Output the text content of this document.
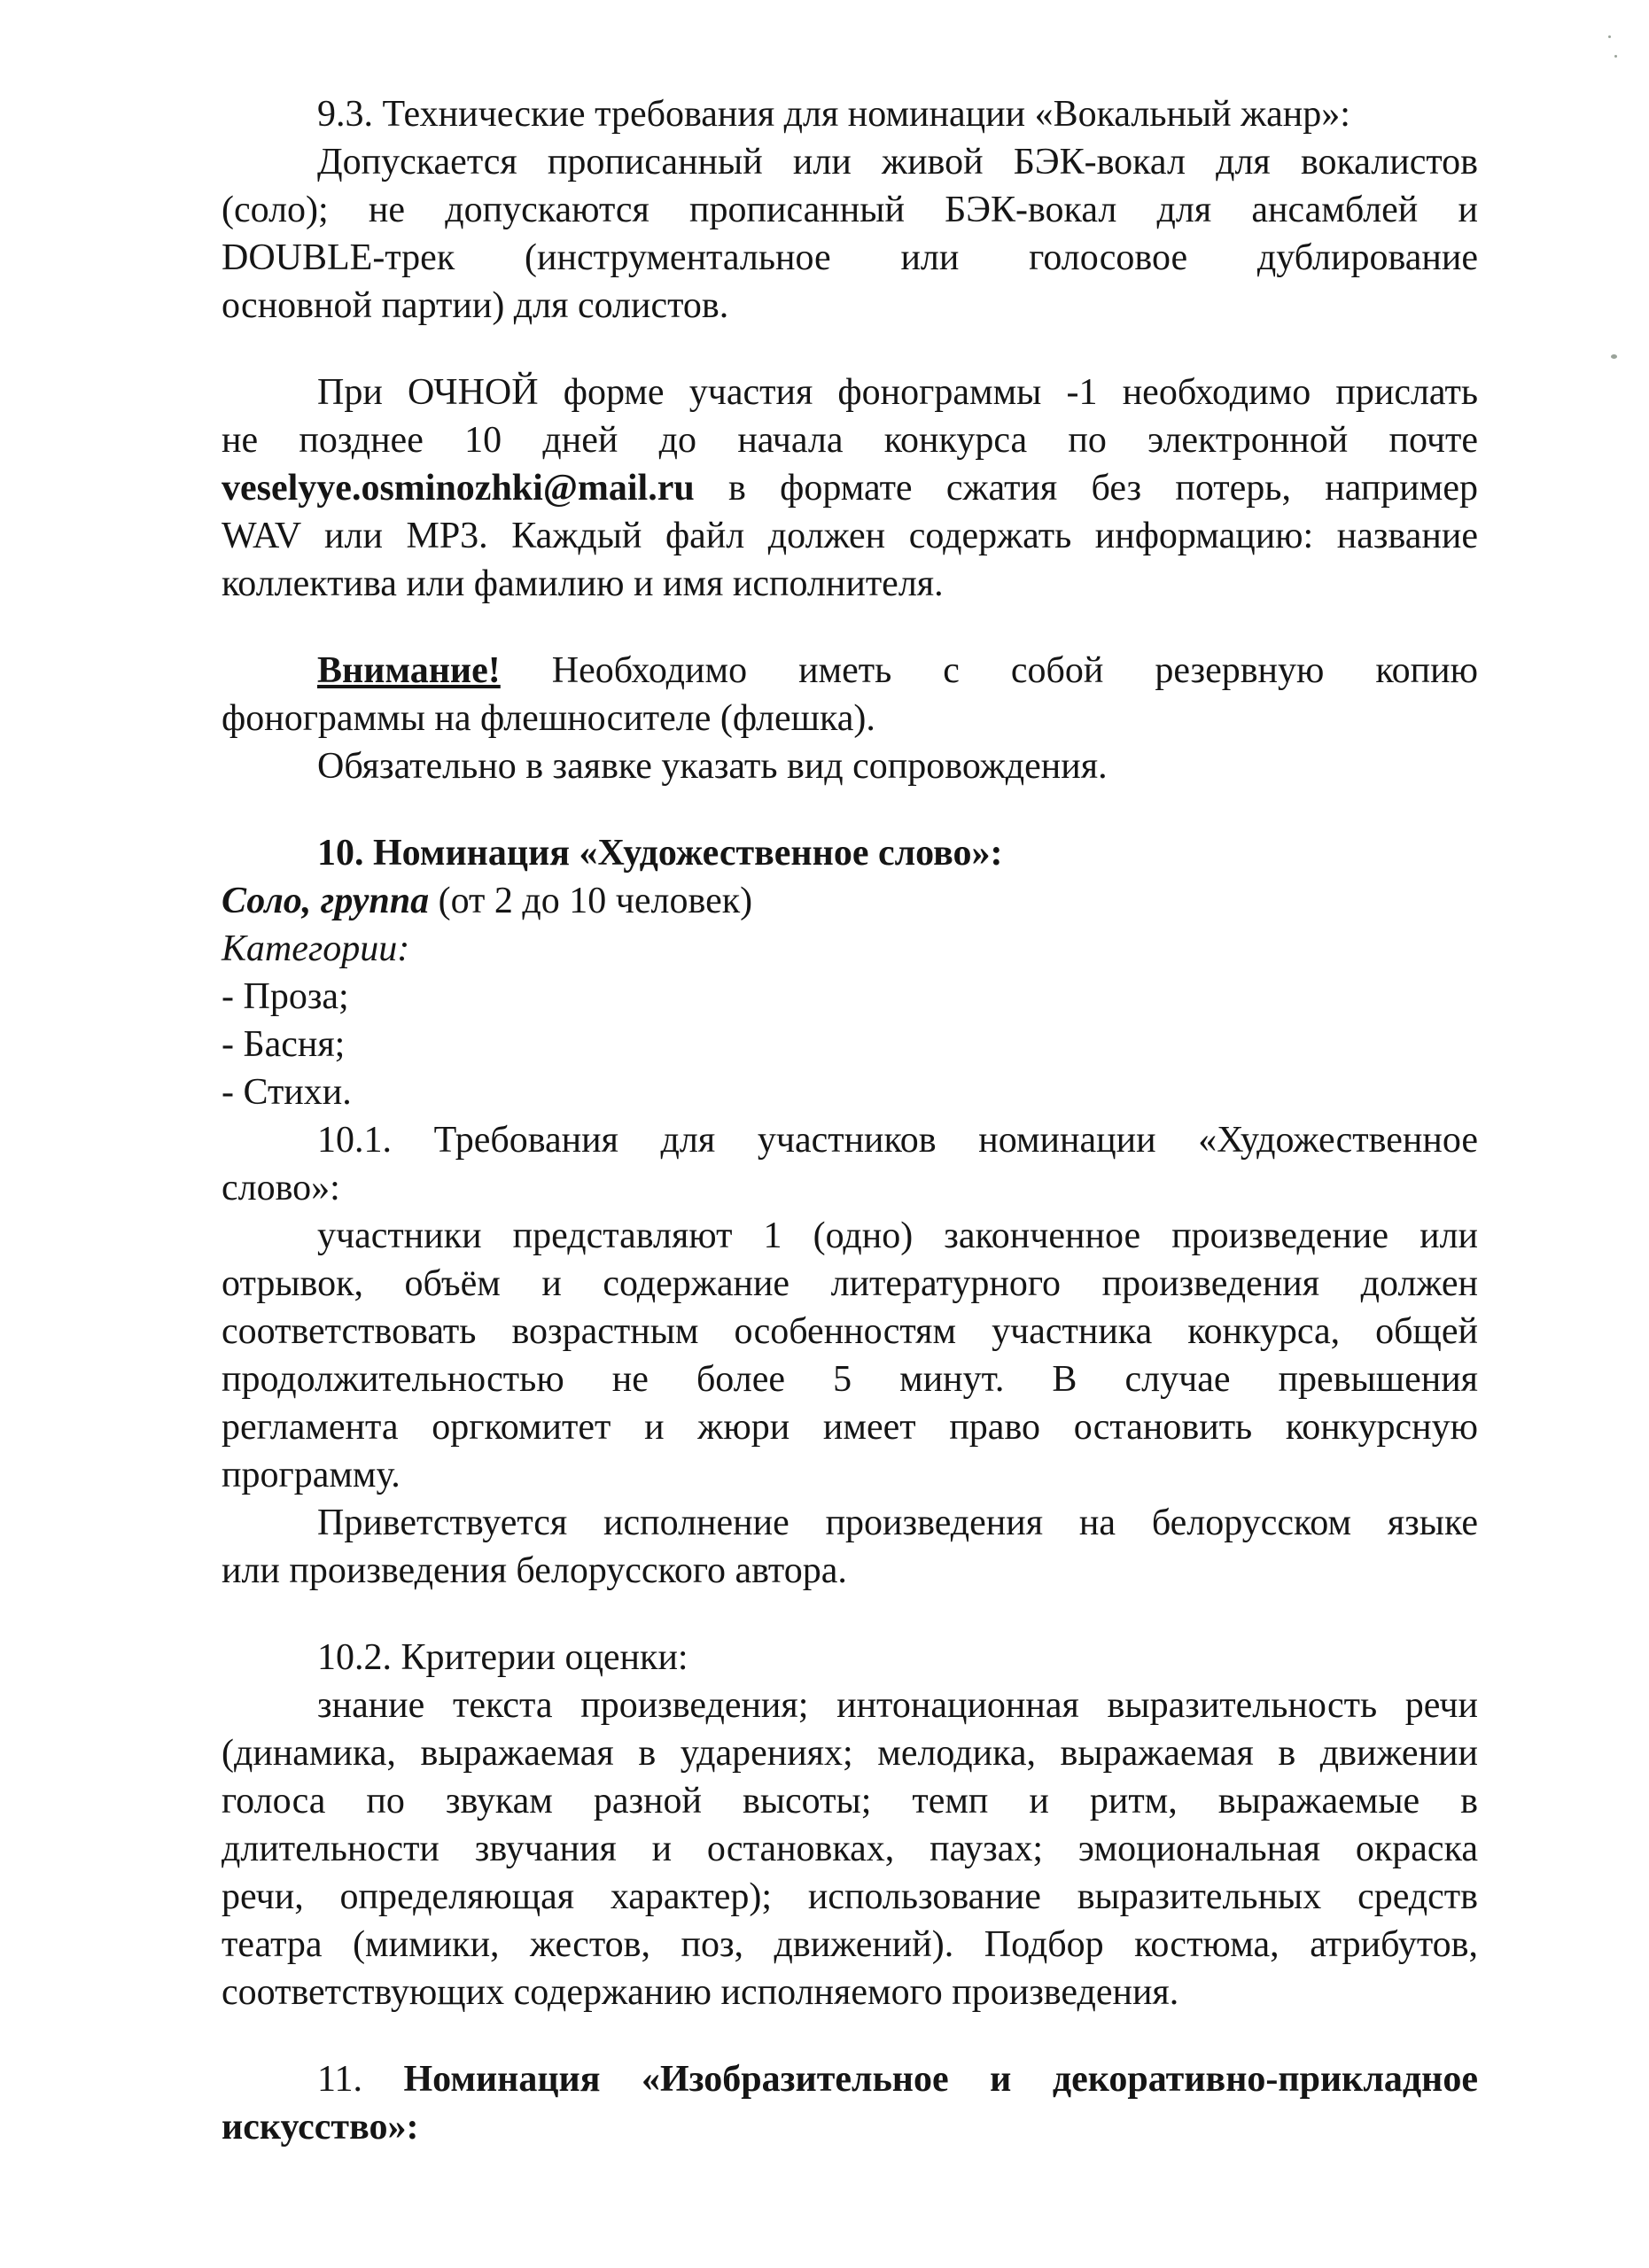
9.3. Технические требования для номинации «Вокальный жанр»:
Допускается прописанный или живой БЭК-вокал для вокалистов
(соло); не допускаются прописанный БЭК-вокал для ансамблей и
DOUBLE-трек (инструментальное или голосовое дублирование
основной партии) для солистов.
При ОЧНОЙ форме участия фонограммы -1 необходимо прислать
не позднее 10 дней до начала конкурса по электронной почте
veselyye.osminozhki@mail.ru в формате сжатия без потерь, например
WAV или MP3. Каждый файл должен содержать информацию: название
коллектива или фамилию и имя исполнителя.
Внимание! Необходимо иметь с собой резервную копию
фонограммы на флешносителе (флешка).
Обязательно в заявке указать вид сопровождения.
10. Номинация «Художественное слово»:
Соло, группа (от 2 до 10 человек)
Категории:
- Проза;
- Басня;
- Стихи.
10.1. Требования для участников номинации «Художественное
слово»:
участники представляют 1 (одно) законченное произведение или
отрывок, объём и содержание литературного произведения должен
соответствовать возрастным особенностям участника конкурса, общей
продолжительностью не более 5 минут. В случае превышения
регламента оргкомитет и жюри имеет право остановить конкурсную
программу.
Приветствуется исполнение произведения на белорусском языке
или произведения белорусского автора.
10.2. Критерии оценки:
знание текста произведения; интонационная выразительность речи
(динамика, выражаемая в ударениях; мелодика, выражаемая в движении
голоса по звукам разной высоты; темп и ритм, выражаемые в
длительности звучания и остановках, паузах; эмоциональная окраска
речи, определяющая характер); использование выразительных средств
театра (мимики, жестов, поз, движений). Подбор костюма, атрибутов,
соответствующих содержанию исполняемого произведения.
11. Номинация «Изобразительное и декоративно-прикладное
искусство»:
